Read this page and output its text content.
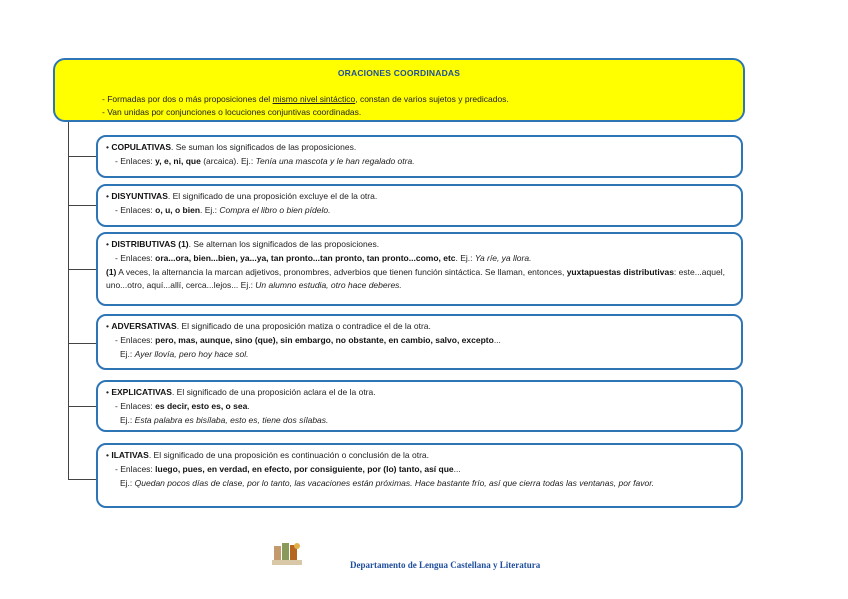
ORACIONES COORDINADAS
- Formadas por dos o más proposiciones del mismo nivel sintáctico, constan de varios sujetos y predicados.
- Van unidas por conjunciones o locuciones conjuntivas coordinadas.
• COPULATIVAS. Se suman los significados de las proposiciones.
- Enlaces: y, e, ni, que (arcaica). Ej.: Tenía una mascota y le han regalado otra.
• DISYUNTIVAS. El significado de una proposición excluye el de la otra.
- Enlaces: o, u, o bien. Ej.: Compra el libro o bien pídelo.
• DISTRIBUTIVAS (1). Se alternan los significados de las proposiciones.
- Enlaces: ora...ora, bien...bien, ya...ya, tan pronto...tan pronto, tan pronto...como, etc. Ej.: Ya ríe, ya llora.
(1) A veces, la alternancia la marcan adjetivos, pronombres, adverbios que tienen función sintáctica. Se llaman, entonces, yuxtapuestas distributivas: este...aquel, uno...otro, aquí...allí, cerca...lejos... Ej.: Un alumno estudia, otro hace deberes.
• ADVERSATIVAS. El significado de una proposición matiza o contradice el de la otra.
- Enlaces: pero, mas, aunque, sino (que), sin embargo, no obstante, en cambio, salvo, excepto...
Ej.: Ayer llovía, pero hoy hace sol.
• EXPLICATIVAS. El significado de una proposición aclara el de la otra.
- Enlaces: es decir, esto es, o sea.
Ej.: Esta palabra es bisílaba, esto es, tiene dos sílabas.
• ILATIVAS. El significado de una proposición es continuación o conclusión de la otra.
- Enlaces: luego, pues, en verdad, en efecto, por consiguiente, por (lo) tanto, así que...
Ej.: Quedan pocos días de clase, por lo tanto, las vacaciones están próximas. Hace bastante frío, así que cierra todas las ventanas, por favor.
Departamento de Lengua Castellana y Literatura
